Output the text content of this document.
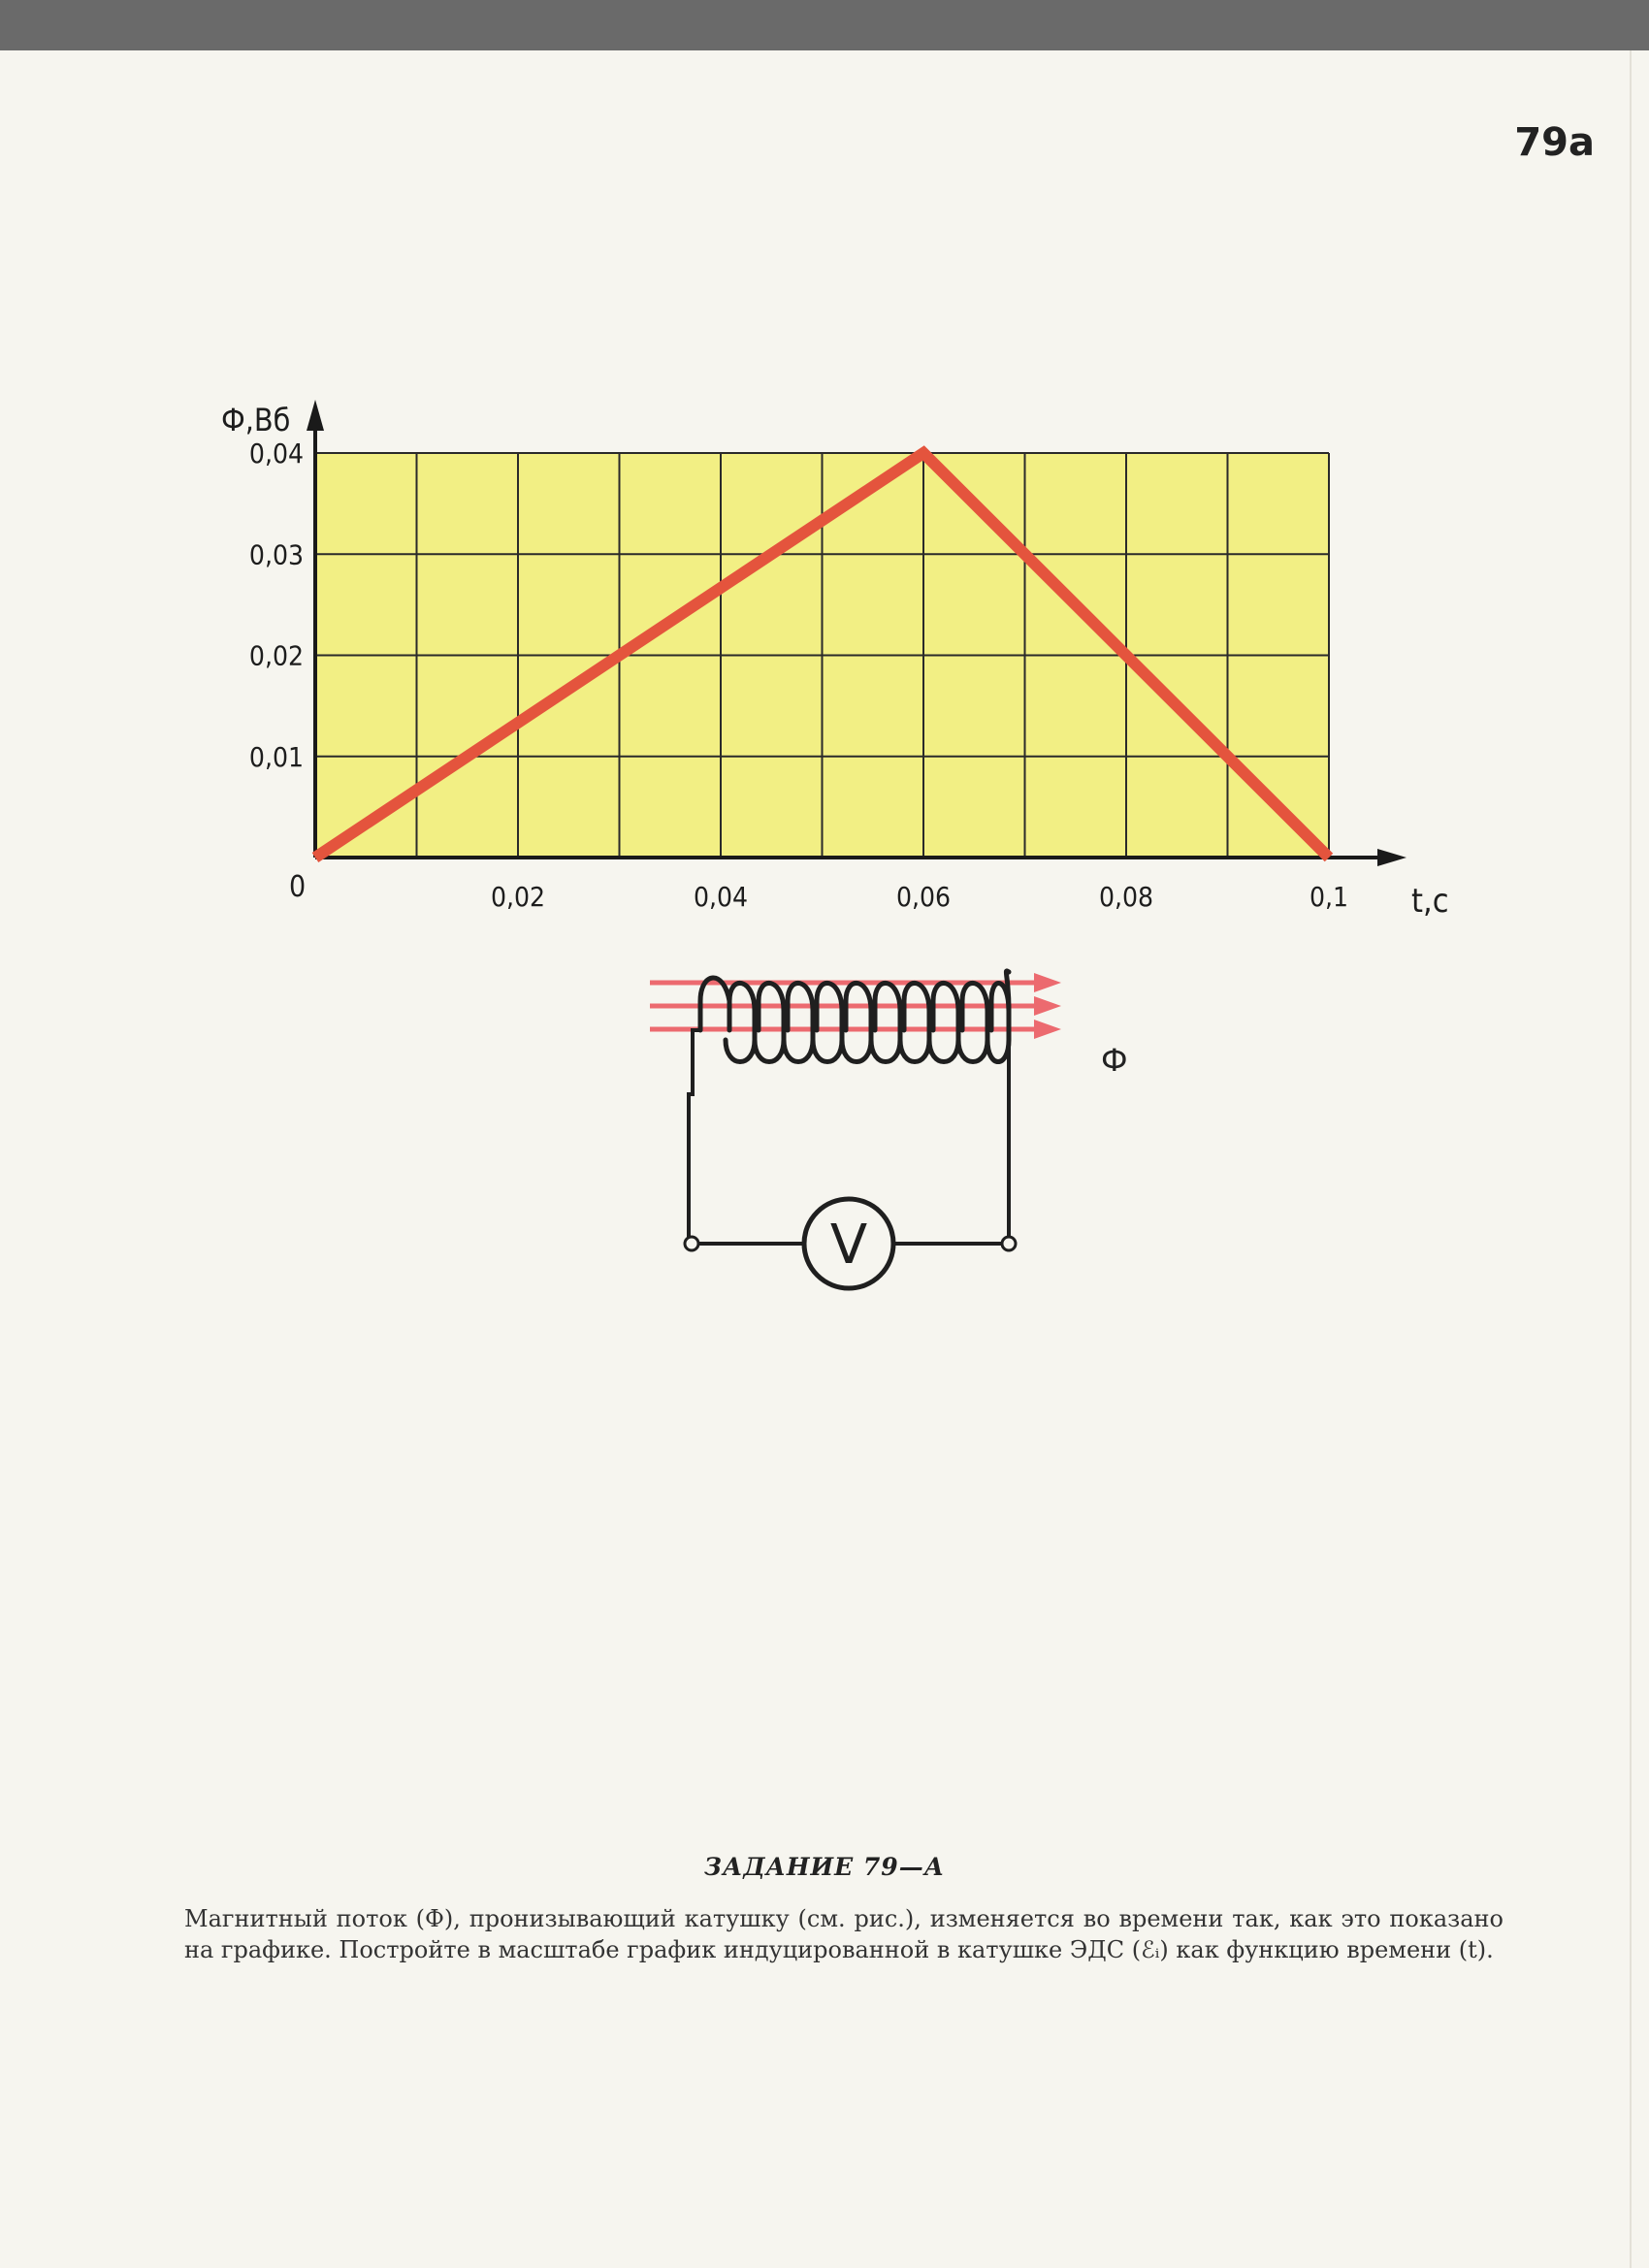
79а
0,02	0,04	0,06	0,08	0,1
0,01
0,02
0,03
0,04
Ф,Вб
t,c
0
V
Ф
ЗАДАНИЕ 79—А
Магнитный поток (Ф), пронизывающий катушку (см. рис.), изменяется во времени так, как это показано на графике. Постройте в масштабе график индуцированной в катушке ЭДС (ℰᵢ) как функцию времени (t).
